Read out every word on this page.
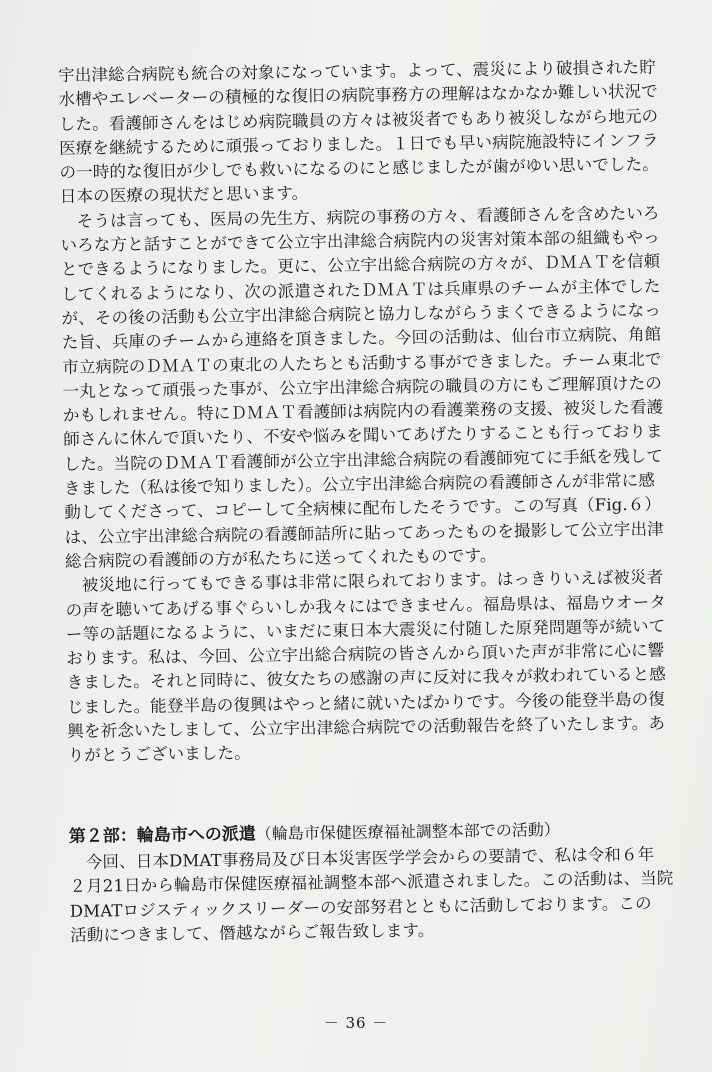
宇出津総合病院も統合の対象になっています。よって、震災により破損された貯

水槽やエレベーターの積極的な復旧の病院事務方の理解はなかなか難しい状況で

した。看護師さんをはじめ病院職員の方々は被災者でもあり被災しながら地元の

医療を継続するために頑張っておりました。１日でも早い病院施設特にインフラ

の一時的な復旧が少しでも救いになるのにと感じましたが歯がゆい思いでした。

日本の医療の現状だと思います。

　そうは言っても、医局の先生方、病院の事務の方々、看護師さんを含めたいろ

いろな方と話すことができて公立宇出津総合病院内の災害対策本部の組織もやっ

とできるようになりました。更に、公立宇出総合病院の方々が、ＤＭＡＴを信頼

してくれるようになり、次の派遣されたＤＭＡＴは兵庫県のチームが主体でした

が、その後の活動も公立宇出津総合病院と協力しながらうまくできるようになっ

た旨、兵庫のチームから連絡を頂きました。今回の活動は、仙台市立病院、角館

市立病院のＤＭＡＴの東北の人たちとも活動する事ができました。チーム東北で

一丸となって頑張った事が、公立宇出津総合病院の職員の方にもご理解頂けたの

かもしれません。特にＤＭＡＴ看護師は病院内の看護業務の支援、被災した看護

師さんに休んで頂いたり、不安や悩みを聞いてあげたりすることも行っておりま

した。当院のＤＭＡＴ看護師が公立宇出津総合病院の看護師宛てに手紙を残して

きました（私は後で知りました）。公立宇出津総合病院の看護師さんが非常に感

動してくださって、コピーして全病棟に配布したそうです。この写真（Fig.６）

は、公立宇出津総合病院の看護師詰所に貼ってあったものを撮影して公立宇出津

総合病院の看護師の方が私たちに送ってくれたものです。

　被災地に行ってもできる事は非常に限られております。はっきりいえば被災者

の声を聴いてあげる事ぐらいしか我々にはできません。福島県は、福島ウオータ

ー等の話題になるように、いまだに東日本大震災に付随した原発問題等が続いて

おります。私は、今回、公立宇出総合病院の皆さんから頂いた声が非常に心に響

きました。それと同時に、彼女たちの感謝の声に反対に我々が救われていると感

じました。能登半島の復興はやっと緒に就いたばかりです。今後の能登半島の復

興を祈念いたしまして、公立宇出津総合病院での活動報告を終了いたします。あ

りがとうございました。

第２部：輪島市への派遣（輪島市保健医療福祉調整本部での活動）

　今回、日本DMAT事務局及び日本災害医学学会からの要請で、私は令和６年

２月21日から輪島市保健医療福祉調整本部へ派遣されました。この活動は、当院

DMATロジスティックスリーダーの安部努君とともに活動しております。この

活動につきまして、僭越ながらご報告致します。

－ 36 －
